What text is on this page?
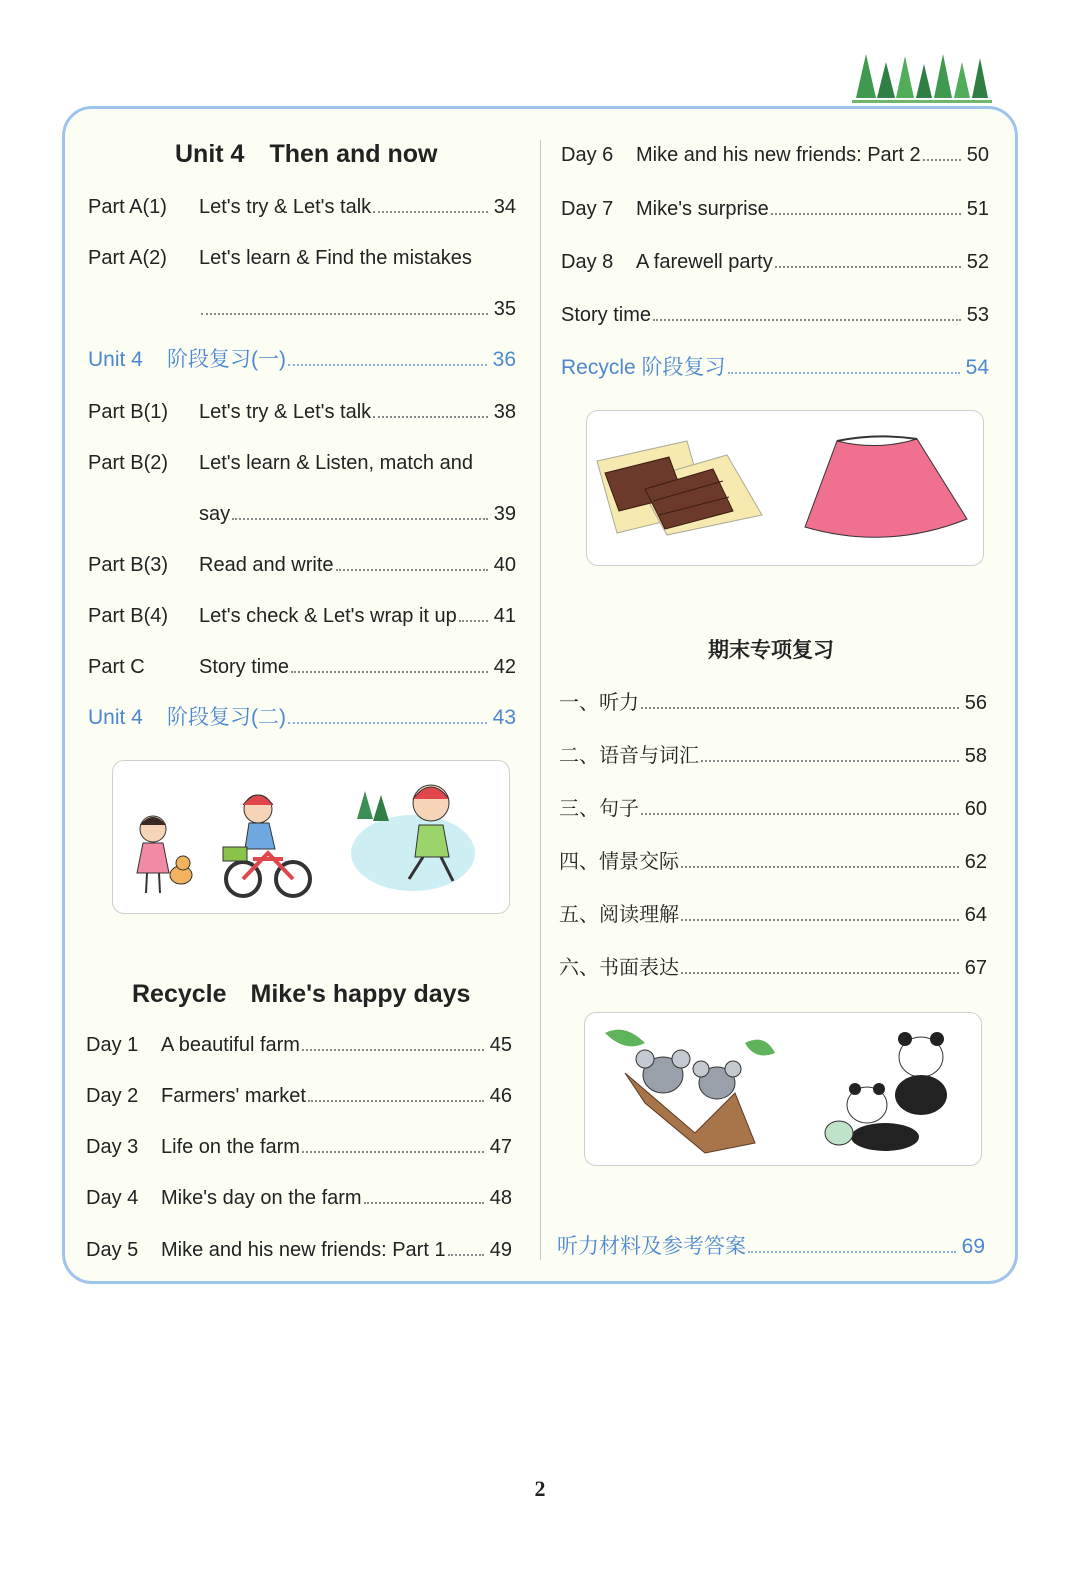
Unit 4 Then and now
Part A(1)	Let's try & Let's talk	34
Part A(2)	Let's learn & Find the mistakes
35
Unit 4	阶段复习(一)	36
Part B(1)	Let's try & Let's talk	38
Part B(2)	Let's learn & Listen, match and
say	39
Part B(3)	Read and write	40
Part B(4)	Let's check & Let's wrap it up 41
Part C	Story time	42
Unit 4	阶段复习(二)	43
Recycle Mike's happy days
Day 1	A beautiful farm	45
Day 2	Farmers' market	46
Day 3	Life on the farm	47
Day 4	Mike's day on the farm	48
Day 5	Mike and his new friends: Part 1 49
Day 6	Mike and his new friends: Part 2 50
Day 7	Mike's surprise	51
Day 8	A farewell party	52
Story time	53
Recycle 阶段复习	54
期末专项复习
一、听力	56
二、语音与词汇	58
三、句子	60
四、情景交际	62
五、阅读理解	64
六、书面表达	67
听力材料及参考答案	69
2
